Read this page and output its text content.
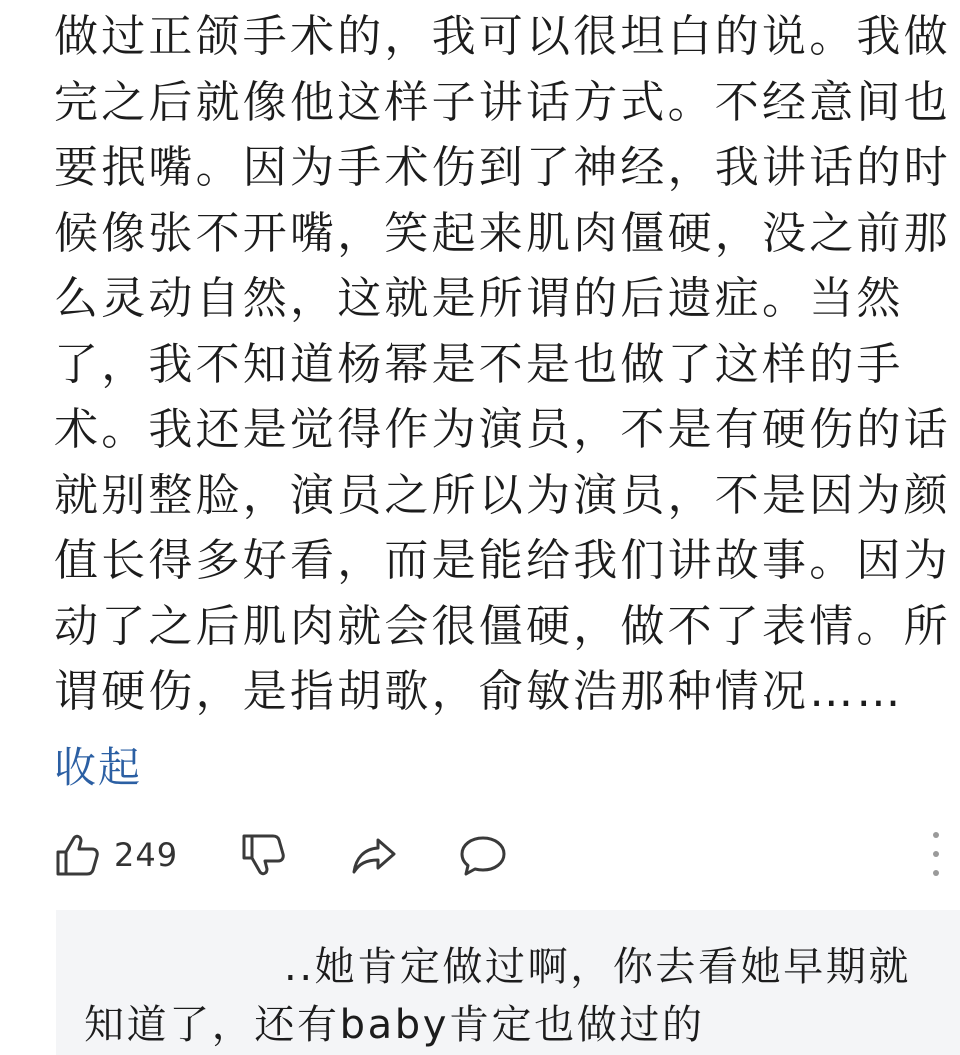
做过正颌手术的，我可以很坦白的说。我做
完之后就像他这样子讲话方式。不经意间也
要抿嘴。因为手术伤到了神经，我讲话的时
候像张不开嘴，笑起来肌肉僵硬，没之前那
么灵动自然，这就是所谓的后遗症。当然
了，我不知道杨幂是不是也做了这样的手
术。我还是觉得作为演员，不是有硬伤的话
就别整脸，演员之所以为演员，不是因为颜
值长得多好看，而是能给我们讲故事。因为
动了之后肌肉就会很僵硬，做不了表情。所
谓硬伤，是指胡歌，俞敏浩那种情况……
收起
249
..她肯定做过啊，你去看她早期就
知道了，还有baby肯定也做过的
